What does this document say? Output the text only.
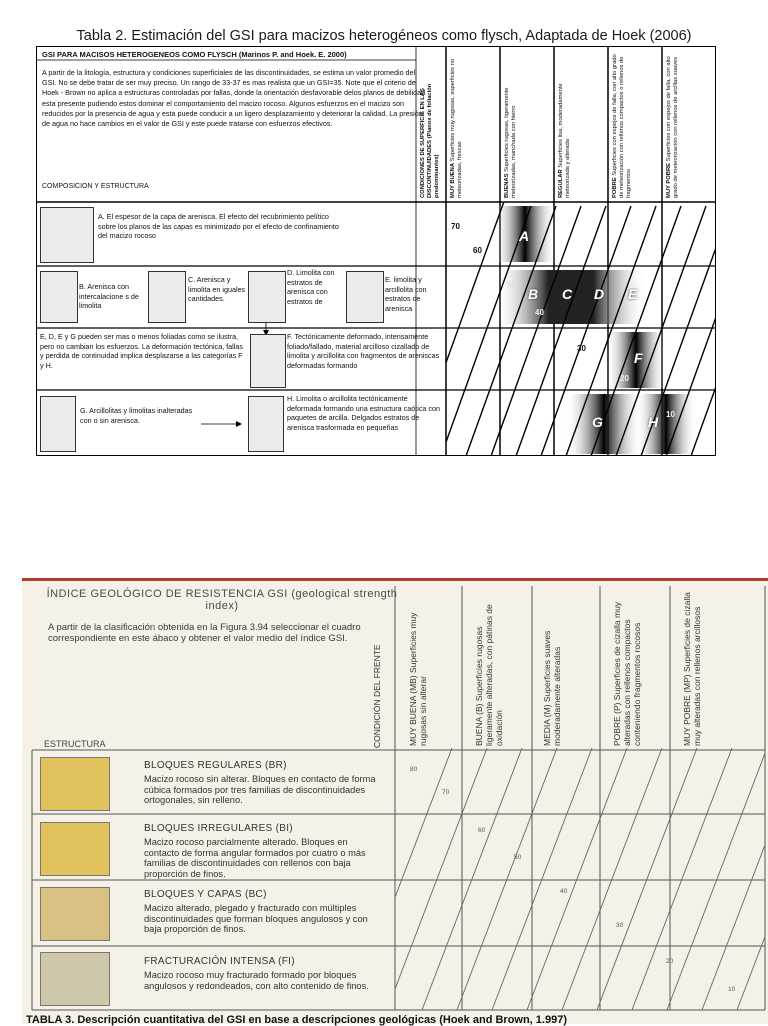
Tabla 2. Estimación del GSI para macizos heterogéneos como flysch, Adaptada de Hoek (2006)
GSI PARA MACISOS HETEROGENEOS COMO FLYSCH (Marinos P. and Hoek. E. 2000)
A partir de la litología, estructura y condiciones superficiales de las discontinuidades, se estima un valor promedio del GSI. No se debe tratar de ser muy preciso. Un rango de 33-37 es mas realista que un GSI=35. Note que el criterio de Hoek - Brown no aplica a estructuras controladas por fallas, donde la orientación desfavorable delos planos de debilidad esta presente pudiendo estos dominar el comportamiento del macizo rocoso. Algunos esfuerzos en el macizo son reducidos por la presencia de agua y esta puede conducir a un ligero desplazamiento y deteriorar la calidad. La presión de agua no hace cambios en el valor de GSI y este puede tratarse con esfuerzos efectivos.
COMPOSICION Y ESTRUCTURA	CONDICIONES DE SUPERFICIE EN LAS DISCONTINUIDADES (Planos de foliación predominantes)	MUY BUENA Superficies muy rugosas, superficies no meteorizadas, frescas	BUENAS Superficies rugosas, ligeramente meteorizadas, manchada con hierro	REGULAR Superficies lisa, moderadamente meteorizada y alterada	POBRE Superficies con espejos de falla, con alto grado de meteorización con rellenos compactos o rellenos de fragmentos	MUY POBRE Superficies con espejos de falla, con alto grado de meteorización con rellenos de arcillas suaves
A. El espesor de la capa de arenisca. El efecto del recubrimiento pelítico sobre los planos de las capas es minimizado por el efecto de confinamiento del macizo rocoso
B. Arenisca con intercalacione s de limolita
C. Arenisca y limolita en iguales cantidades.
D. Limolita con estratos de arenisca con estratos de
E. limolita y arcillolita con estratos de arenisca
E, D, E y G pueden ser mas o menos foliadas como se ilustra, pero no cambian los esfuerzos. La deformación tectónica, fallas y perdida de continuidad implica desplazarse a las categorías F y H.
F. Tectónicamente deformado, intensamente foliado/fallado, material arcilloso cizallado de limolita y arcillolita con fragmentos de areniscas deformadas formando
G. Arcillolitas y limolitas inalteradas con o sin arenisca.
H. Limolita o arcillolita tectónicamente deformada formando una estructura caótica con paquetes de arcilla. Delgados estratos de arenisca trasformada en pequeñas
A
B C D E
F
G	H
70
60
50
40
30
20
10
ÍNDICE GEOLÓGICO DE RESISTENCIA GSI (geological strength index)
A partir de la clasificación obtenida en la Figura 3.94 seleccionar el cuadro correspondiente en este ábaco y obtener el valor medio del índice GSI.
ESTRUCTURA	CONDICIÓN DEL FRENTE	MUY BUENA (MB) Superficies muy rugosas sin alterar	BUENA (B) Superficies rugosas ligeramente alteradas, con pátinas de oxidación	MEDIA (M) Superficies suaves moderadamente alteradas	POBRE (P) Superficies de cizalla muy alteradas con rellenos compactos conteniendo fragmentos rocosos	MUY POBRE (MP) Superficies de cizalla muy alteradas con rellenos arcillosos
BLOQUES REGULARES (BR)
Macizo rocoso sin alterar. Bloques en contacto de forma cúbica formados por tres familias de discontinuidades ortogonales, sin relleno.
BLOQUES IRREGULARES (BI)
Macizo rocoso parcialmente alterado. Bloques en contacto de forma angular formados por cuatro o más familias de discontinuidades con rellenos con baja proporción de finos.
BLOQUES Y CAPAS (BC)
Macizo alterado, plegado y fracturado con múltiples discontinuidades que forman bloques angulosos y con baja proporción de finos.
FRACTURACIÓN INTENSA (FI)
Macizo rocoso muy fracturado formado por bloques angulosos y redondeados, con alto contenido de finos.
80
70
60
50
40
30
20
10
TABLA 3. Descripción cuantitativa del GSI en base a descripciones geológicas (Hoek and Brown, 1.997)
